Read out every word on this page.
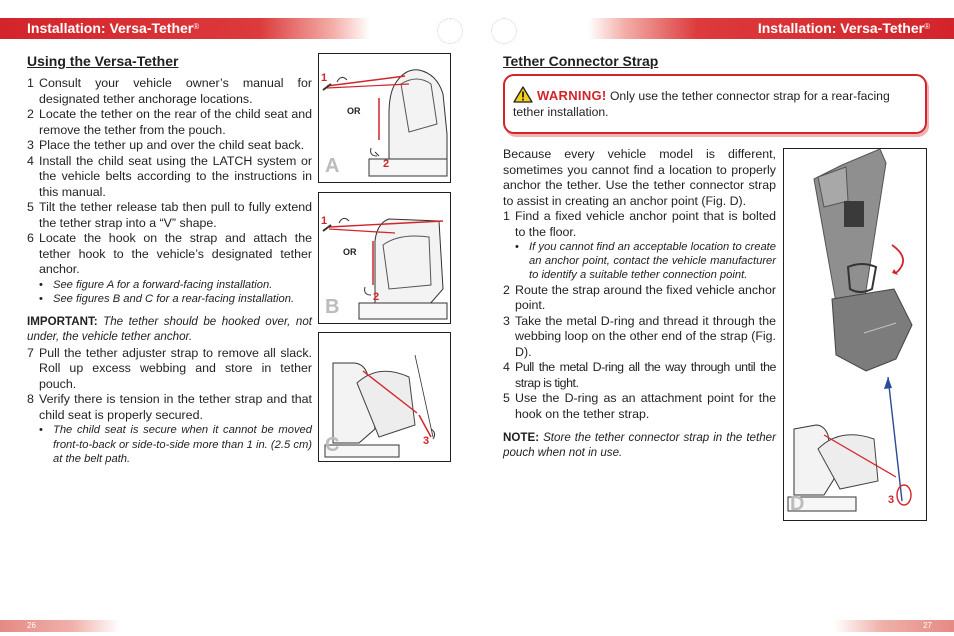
Installation: Versa-Tether®	Installation: Versa-Tether®
Using the Versa-Tether
1 Consult your vehicle owner’s manual for designated tether anchorage locations.
2 Locate the tether on the rear of the child seat and remove the tether from the pouch.
3 Place the tether up and over the child seat back.
4 Install the child seat using the LATCH system or the vehicle belts according to the instructions in this manual.
5 Tilt the tether release tab then pull to fully extend the tether strap into a “V” shape.
6 Locate the hook on the strap and attach the tether hook to the vehicle’s designated tether anchor.
• See figure A for a forward-facing installation.
• See figures B and C for a rear-facing installation.
IMPORTANT: The tether should be hooked over, not under, the vehicle tether anchor.
7 Pull the tether adjuster strap to remove all slack. Roll up excess webbing and store in tether pouch.
8 Verify there is tension in the tether strap and that child seat is properly secured.
• The child seat is secure when it cannot be moved front-to-back or side-to-side more than 1 in. (2.5 cm) at the belt path.
1
OR
2
A
1
OR
2
B
3
C
Tether Connector Strap
WARNING! Only use the tether connector strap for a rear-facing tether installation.

Because every vehicle model is different, sometimes you cannot find a location to properly anchor the tether. Use the tether connector strap to assist in creating an anchor point (Fig. D).

1 Find a fixed vehicle anchor point that is bolted to the floor.
• If you cannot find an acceptable location to create an anchor point, contact the vehicle manufacturer to identify a suitable tether connection point.
2 Route the strap around the fixed vehicle anchor point.
3 Take the metal D-ring and thread it through the webbing loop on the other end of the strap (Fig. D).
4 Pull the metal D-ring all the way through until the strap is tight.
5 Use the D-ring as an attachment point for the hook on the tether strap.
NOTE: Store the tether connector strap in the tether pouch when not in use.
3
D
26	27
